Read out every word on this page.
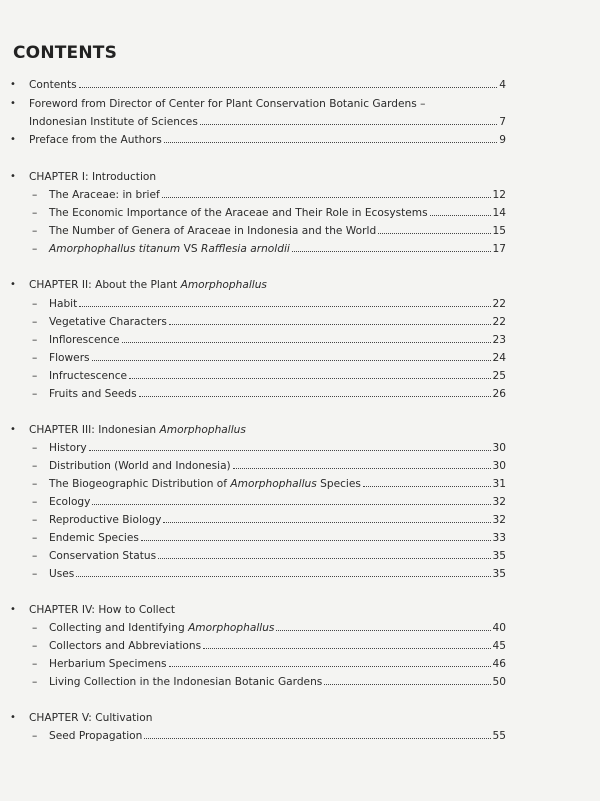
CONTENTS
• Contents	4
• Foreword from Director of Center for Plant Conservation Botanic Gardens –
Indonesian Institute of Sciences	7
• Preface from the Authors	9
• CHAPTER I: Introduction
– The Araceae: in brief	12
– The Economic Importance of the Araceae and Their Role in Ecosystems	14
– The Number of Genera of Araceae in Indonesia and the World	15
– Amorphophallus titanum VS Rafflesia arnoldii	17
• CHAPTER II: About the Plant Amorphophallus
– Habit	22
– Vegetative Characters	22
– Inflorescence	23
– Flowers	24
– Infructescence	25
– Fruits and Seeds	26
• CHAPTER III: Indonesian Amorphophallus
– History	30
– Distribution (World and Indonesia)	30
– The Biogeographic Distribution of Amorphophallus Species	31
– Ecology	32
– Reproductive Biology	32
– Endemic Species	33
– Conservation Status	35
– Uses	35
• CHAPTER IV: How to Collect
– Collecting and Identifying Amorphophallus	40
– Collectors and Abbreviations	45
– Herbarium Specimens	46
– Living Collection in the Indonesian Botanic Gardens	50
• CHAPTER V: Cultivation
– Seed Propagation	55
